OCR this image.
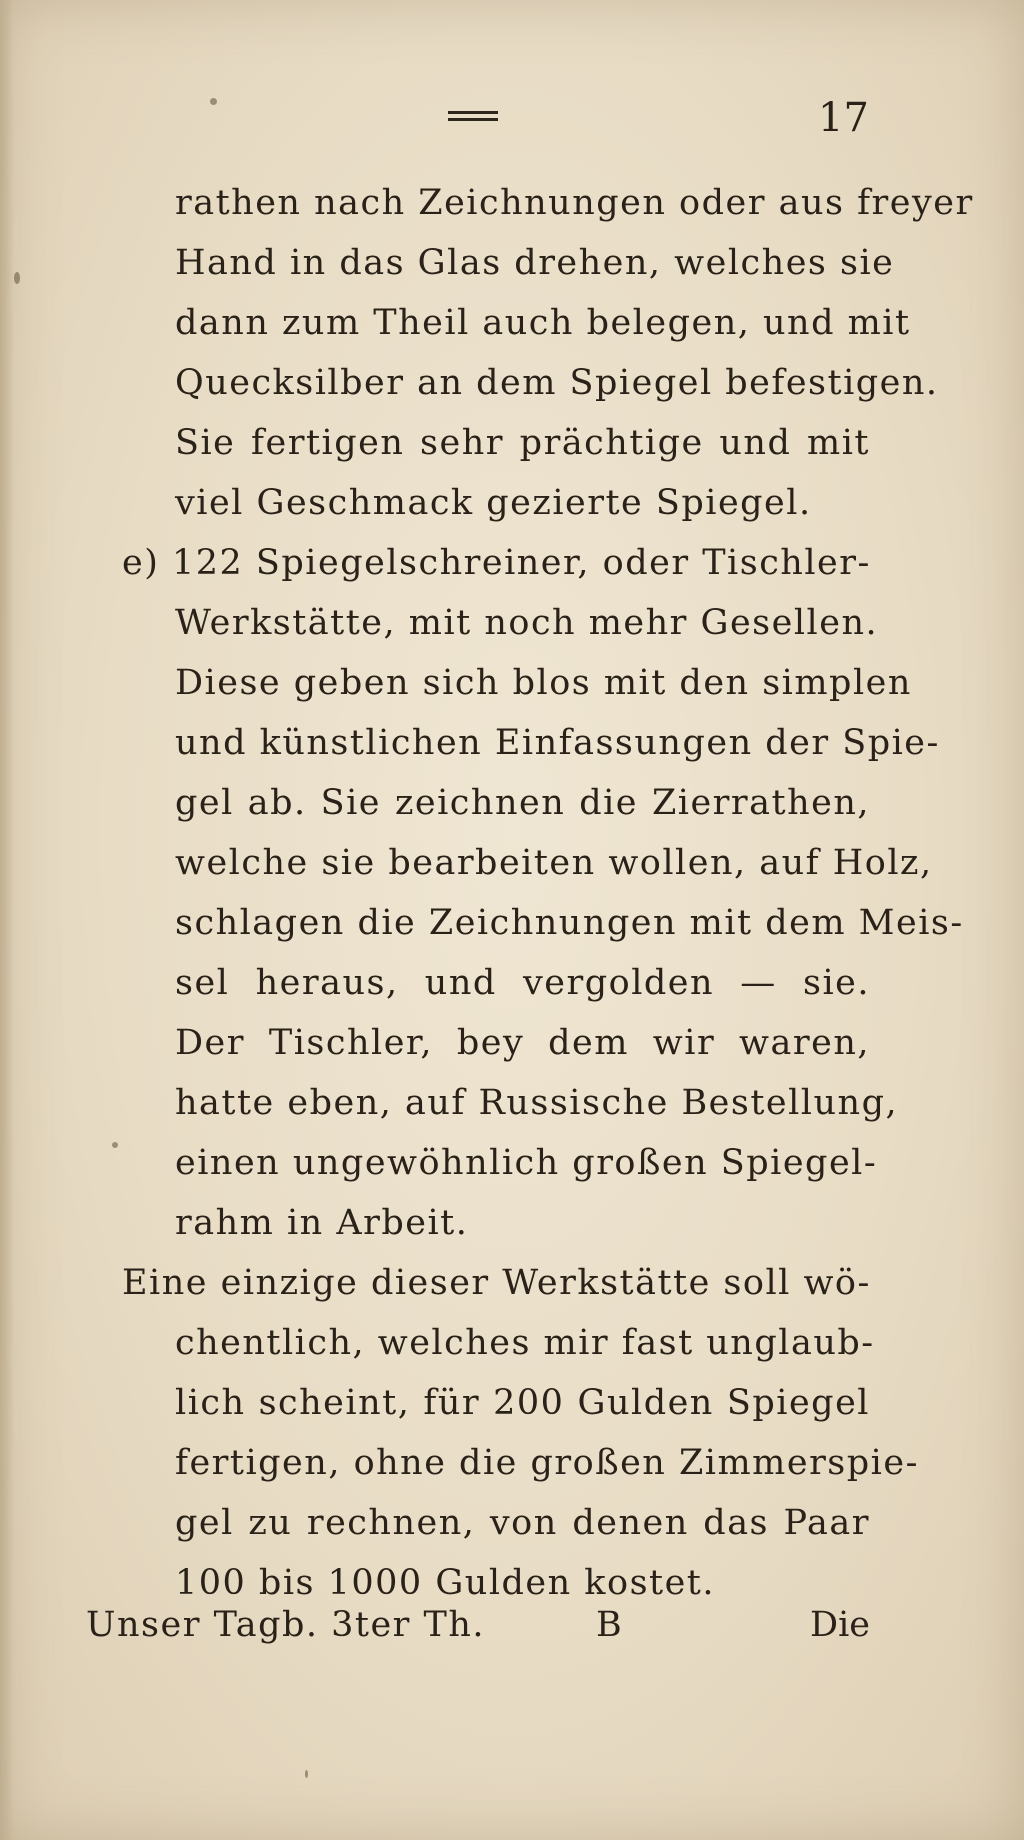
17
rathen nach Zeichnungen oder aus freyer
Hand in das Glas drehen, welches sie
dann zum Theil auch belegen, und mit
Quecksilber an dem Spiegel befestigen.
Sie fertigen sehr prächtige und mit
viel Geschmack gezierte Spiegel.
e) 122 Spiegelschreiner, oder Tischler-
Werkstätte, mit noch mehr Gesellen.
Diese geben sich blos mit den simplen
und künstlichen Einfassungen der Spie-
gel ab. Sie zeichnen die Zierrathen,
welche sie bearbeiten wollen, auf Holz,
schlagen die Zeichnungen mit dem Meis-
sel heraus, und vergolden — sie.
Der Tischler, bey dem wir waren,
hatte eben, auf Russische Bestellung,
einen ungewöhnlich großen Spiegel-
rahm in Arbeit.
Eine einzige dieser Werkstätte soll wö-
chentlich, welches mir fast unglaub-
lich scheint, für 200 Gulden Spiegel
fertigen, ohne die großen Zimmerspie-
gel zu rechnen, von denen das Paar
100 bis 1000 Gulden kostet.
Unser Tagb. 3ter Th.	B	Die
